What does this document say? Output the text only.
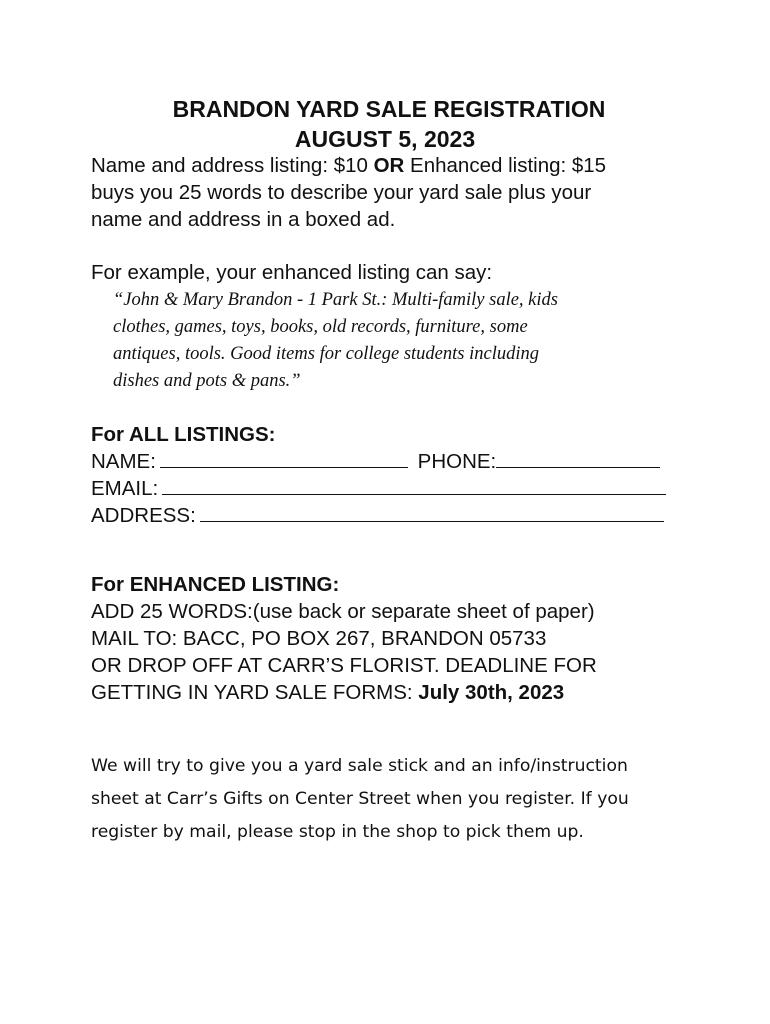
BRANDON YARD SALE REGISTRATION
AUGUST 5, 2023
Name and address listing: $10 OR Enhanced listing: $15
buys you 25 words to describe your yard sale plus your
name and address in a boxed ad.
For example, your enhanced listing can say:
“John & Mary Brandon - 1 Park St.: Multi-family sale, kids
clothes, games, toys, books, old records, furniture, some
antiques, tools. Good items for college students including
dishes and pots & pans.”
For ALL LISTINGS:
NAME:	PHONE:
EMAIL:
ADDRESS:
For ENHANCED LISTING:
ADD 25 WORDS:(use back or separate sheet of paper)
MAIL TO: BACC, PO BOX 267, BRANDON 05733
OR DROP OFF AT CARR’S FLORIST. DEADLINE FOR
GETTING IN YARD SALE FORMS: July 30th, 2023
We will try to give you a yard sale stick and an info/instruction
sheet at Carr’s Gifts on Center Street when you register. If you
register by mail, please stop in the shop to pick them up.
